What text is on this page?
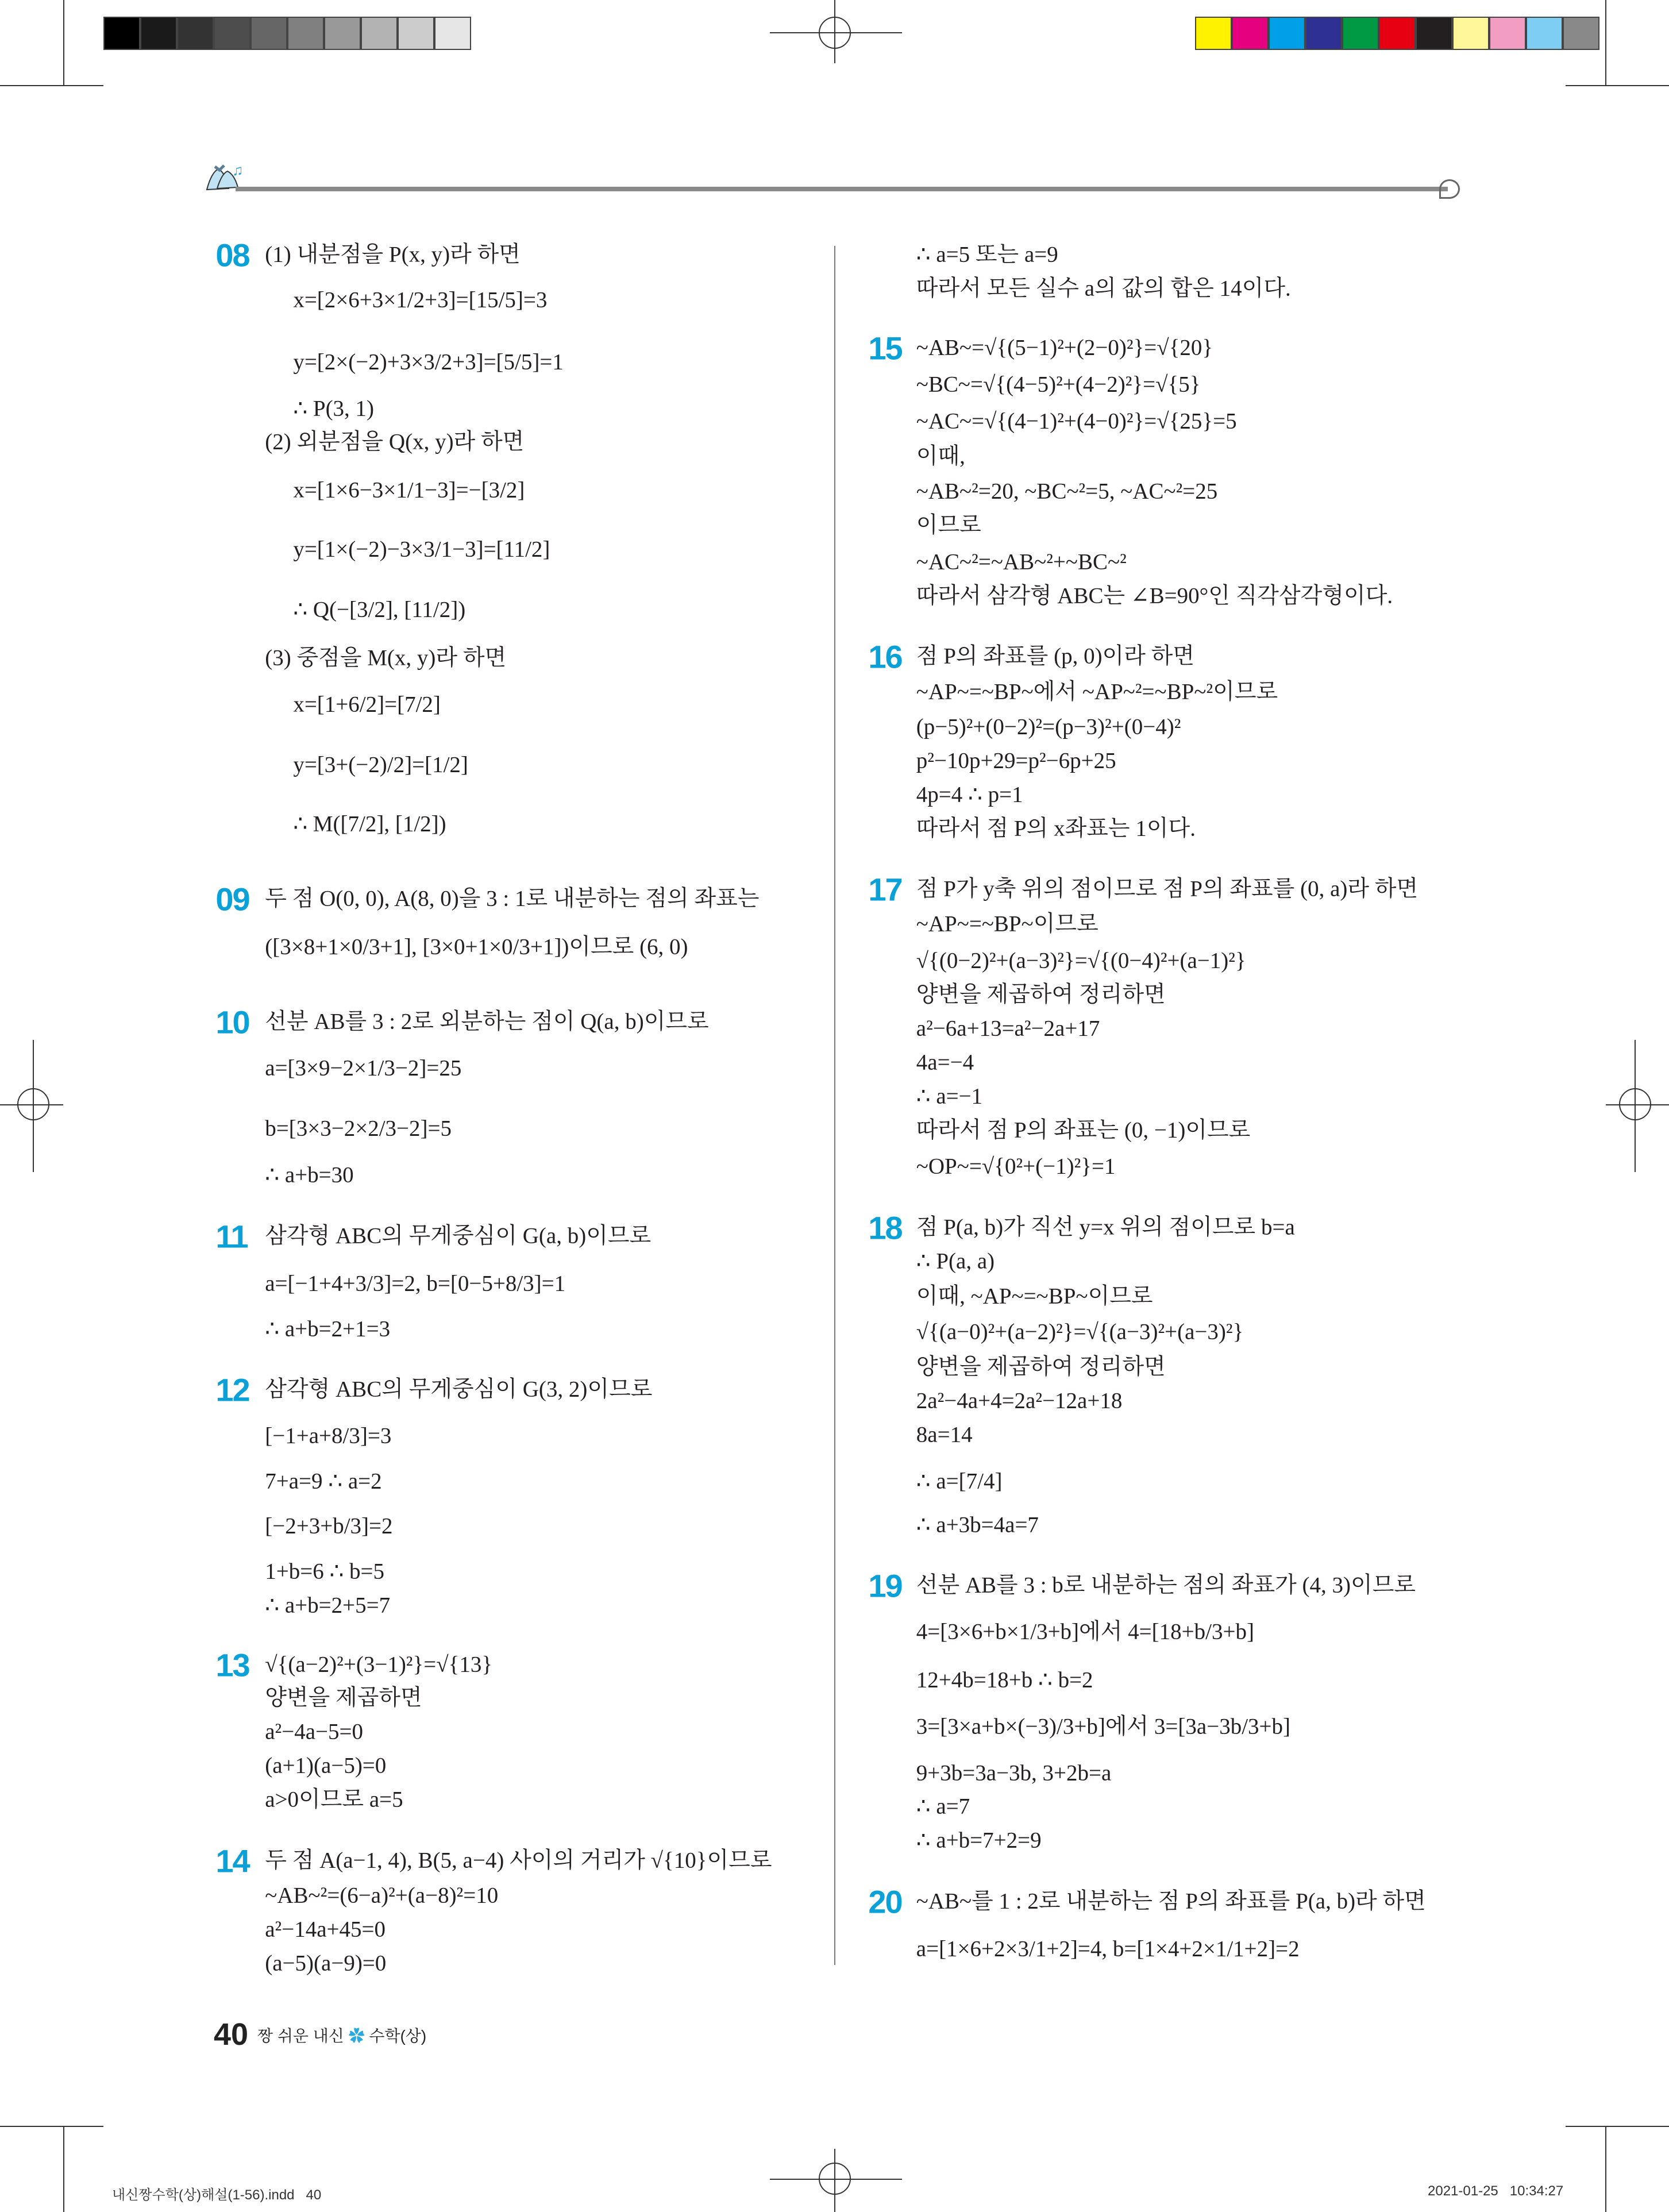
♫
08 (1) 내분점을 P(x, y)라 하면
x=[2×6+3×1/2+3]=[15/5]=3
y=[2×(−2)+3×3/2+3]=[5/5]=1
∴ P(3, 1)
(2) 외분점을 Q(x, y)라 하면
x=[1×6−3×1/1−3]=−[3/2]
y=[1×(−2)−3×3/1−3]=[11/2]
∴ Q(−[3/2], [11/2])
(3) 중점을 M(x, y)라 하면
x=[1+6/2]=[7/2]
y=[3+(−2)/2]=[1/2]
∴ M([7/2], [1/2])
09 두 점 O(0, 0), A(8, 0)을 3 : 1로 내분하는 점의 좌표는
([3×8+1×0/3+1], [3×0+1×0/3+1])이므로 (6, 0)
10 선분 AB를 3 : 2로 외분하는 점이 Q(a, b)이므로
a=[3×9−2×1/3−2]=25
b=[3×3−2×2/3−2]=5
∴ a+b=30
11 삼각형 ABC의 무게중심이 G(a, b)이므로
a=[−1+4+3/3]=2, b=[0−5+8/3]=1
∴ a+b=2+1=3
12 삼각형 ABC의 무게중심이 G(3, 2)이므로
[−1+a+8/3]=3
7+a=9 ∴ a=2
[−2+3+b/3]=2
1+b=6 ∴ b=5
∴ a+b=2+5=7
13 √{(a−2)²+(3−1)²}=√{13}
양변을 제곱하면
a²−4a−5=0
(a+1)(a−5)=0
a>0이므로 a=5
14 두 점 A(a−1, 4), B(5, a−4) 사이의 거리가 √{10}이므로
~AB~²=(6−a)²+(a−8)²=10
a²−14a+45=0
(a−5)(a−9)=0
∴ a=5 또는 a=9
따라서 모든 실수 a의 값의 합은 14이다.
15 ~AB~=√{(5−1)²+(2−0)²}=√{20}
~BC~=√{(4−5)²+(4−2)²}=√{5}
~AC~=√{(4−1)²+(4−0)²}=√{25}=5
이때,
~AB~²=20, ~BC~²=5, ~AC~²=25
이므로
~AC~²=~AB~²+~BC~²
따라서 삼각형 ABC는 ∠B=90°인 직각삼각형이다.
16 점 P의 좌표를 (p, 0)이라 하면
~AP~=~BP~에서 ~AP~²=~BP~²이므로
(p−5)²+(0−2)²=(p−3)²+(0−4)²
p²−10p+29=p²−6p+25
4p=4 ∴ p=1
따라서 점 P의 x좌표는 1이다.
17 점 P가 y축 위의 점이므로 점 P의 좌표를 (0, a)라 하면
~AP~=~BP~이므로
√{(0−2)²+(a−3)²}=√{(0−4)²+(a−1)²}
양변을 제곱하여 정리하면
a²−6a+13=a²−2a+17
4a=−4
∴ a=−1
따라서 점 P의 좌표는 (0, −1)이므로
~OP~=√{0²+(−1)²}=1
18 점 P(a, b)가 직선 y=x 위의 점이므로 b=a
∴ P(a, a)
이때, ~AP~=~BP~이므로
√{(a−0)²+(a−2)²}=√{(a−3)²+(a−3)²}
양변을 제곱하여 정리하면
2a²−4a+4=2a²−12a+18
8a=14
∴ a=[7/4]
∴ a+3b=4a=7
19 선분 AB를 3 : b로 내분하는 점의 좌표가 (4, 3)이므로
4=[3×6+b×1/3+b]에서 4=[18+b/3+b]
12+4b=18+b ∴ b=2
3=[3×a+b×(−3)/3+b]에서 3=[3a−3b/3+b]
9+3b=3a−3b, 3+2b=a
∴ a=7
∴ a+b=7+2=9
20 ~AB~를 1 : 2로 내분하는 점 P의 좌표를 P(a, b)라 하면
a=[1×6+2×3/1+2]=4, b=[1×4+2×1/1+2]=2
40 짱 쉬운 내신 ✿ 수학(상)
내신짱수학(상)해설(1-56).indd   40	2021-01-25   10:34:27
